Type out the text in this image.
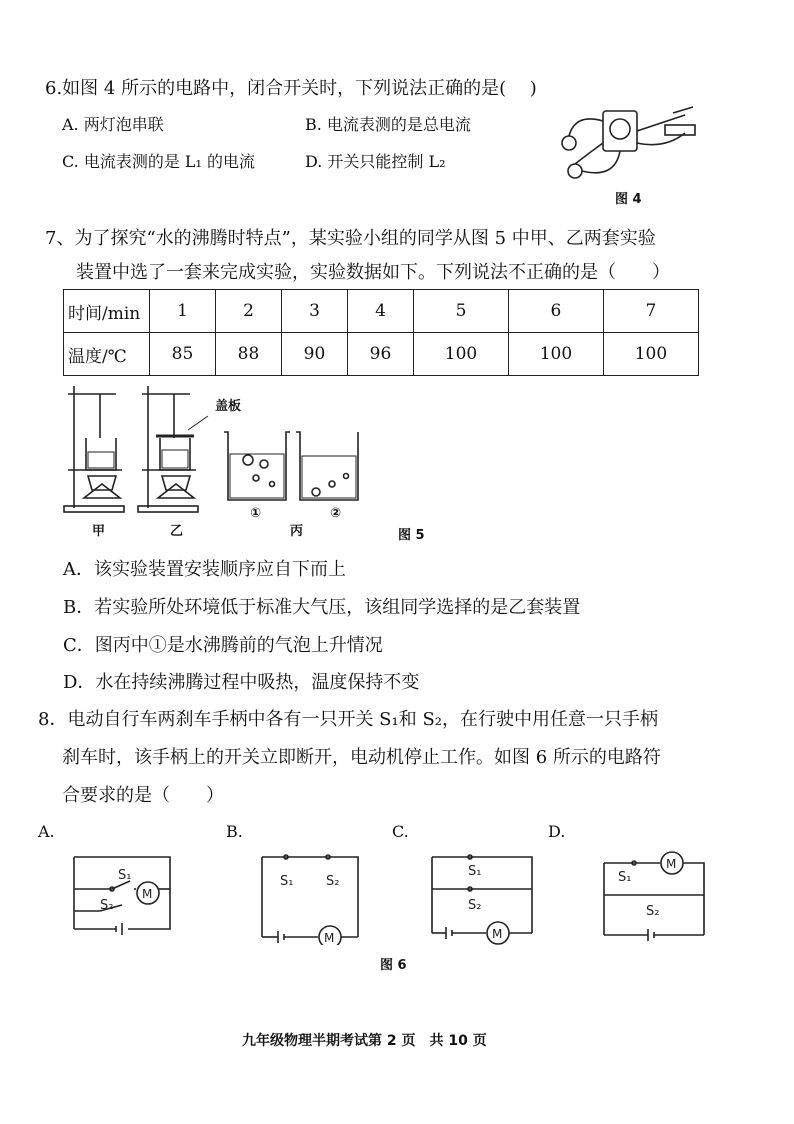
6.如图 4 所示的电路中，闭合开关时，下列说法正确的是(　 )
A. 两灯泡串联	B. 电流表测的是总电流
C. 电流表测的是 L₁ 的电流	D. 开关只能控制 L₂
图 4
7、为了探究“水的沸腾时特点”，某实验小组的同学从图 5 中甲、乙两套实验
装置中选了一套来完成实验，实验数据如下。下列说法不正确的是（　　）
时间/min	1	2	3	4	5	6	7
温度/℃	85	88	90	96	100	100	100
盖板
甲	乙
①
丙
②
图 5
A．该实验装置安装顺序应自下而上
B．若实验所处环境低于标准大气压，该组同学选择的是乙套装置
C．图丙中①是水沸腾前的气泡上升情况
D．水在持续沸腾过程中吸热，温度保持不变
8．电动自行车两刹车手柄中各有一只开关 S₁和 S₂，在行驶中用任意一只手柄
刹车时，该手柄上的开关立即断开，电动机停止工作。如图 6 所示的电路符
合要求的是（　　）
A.	B.	C.	D.
S₁
M
S₂
S₁	S₂
M
S₁
S₂
M
S₁
S₂
M
图 6
九年级物理半期考试第 2 页　共 10 页
